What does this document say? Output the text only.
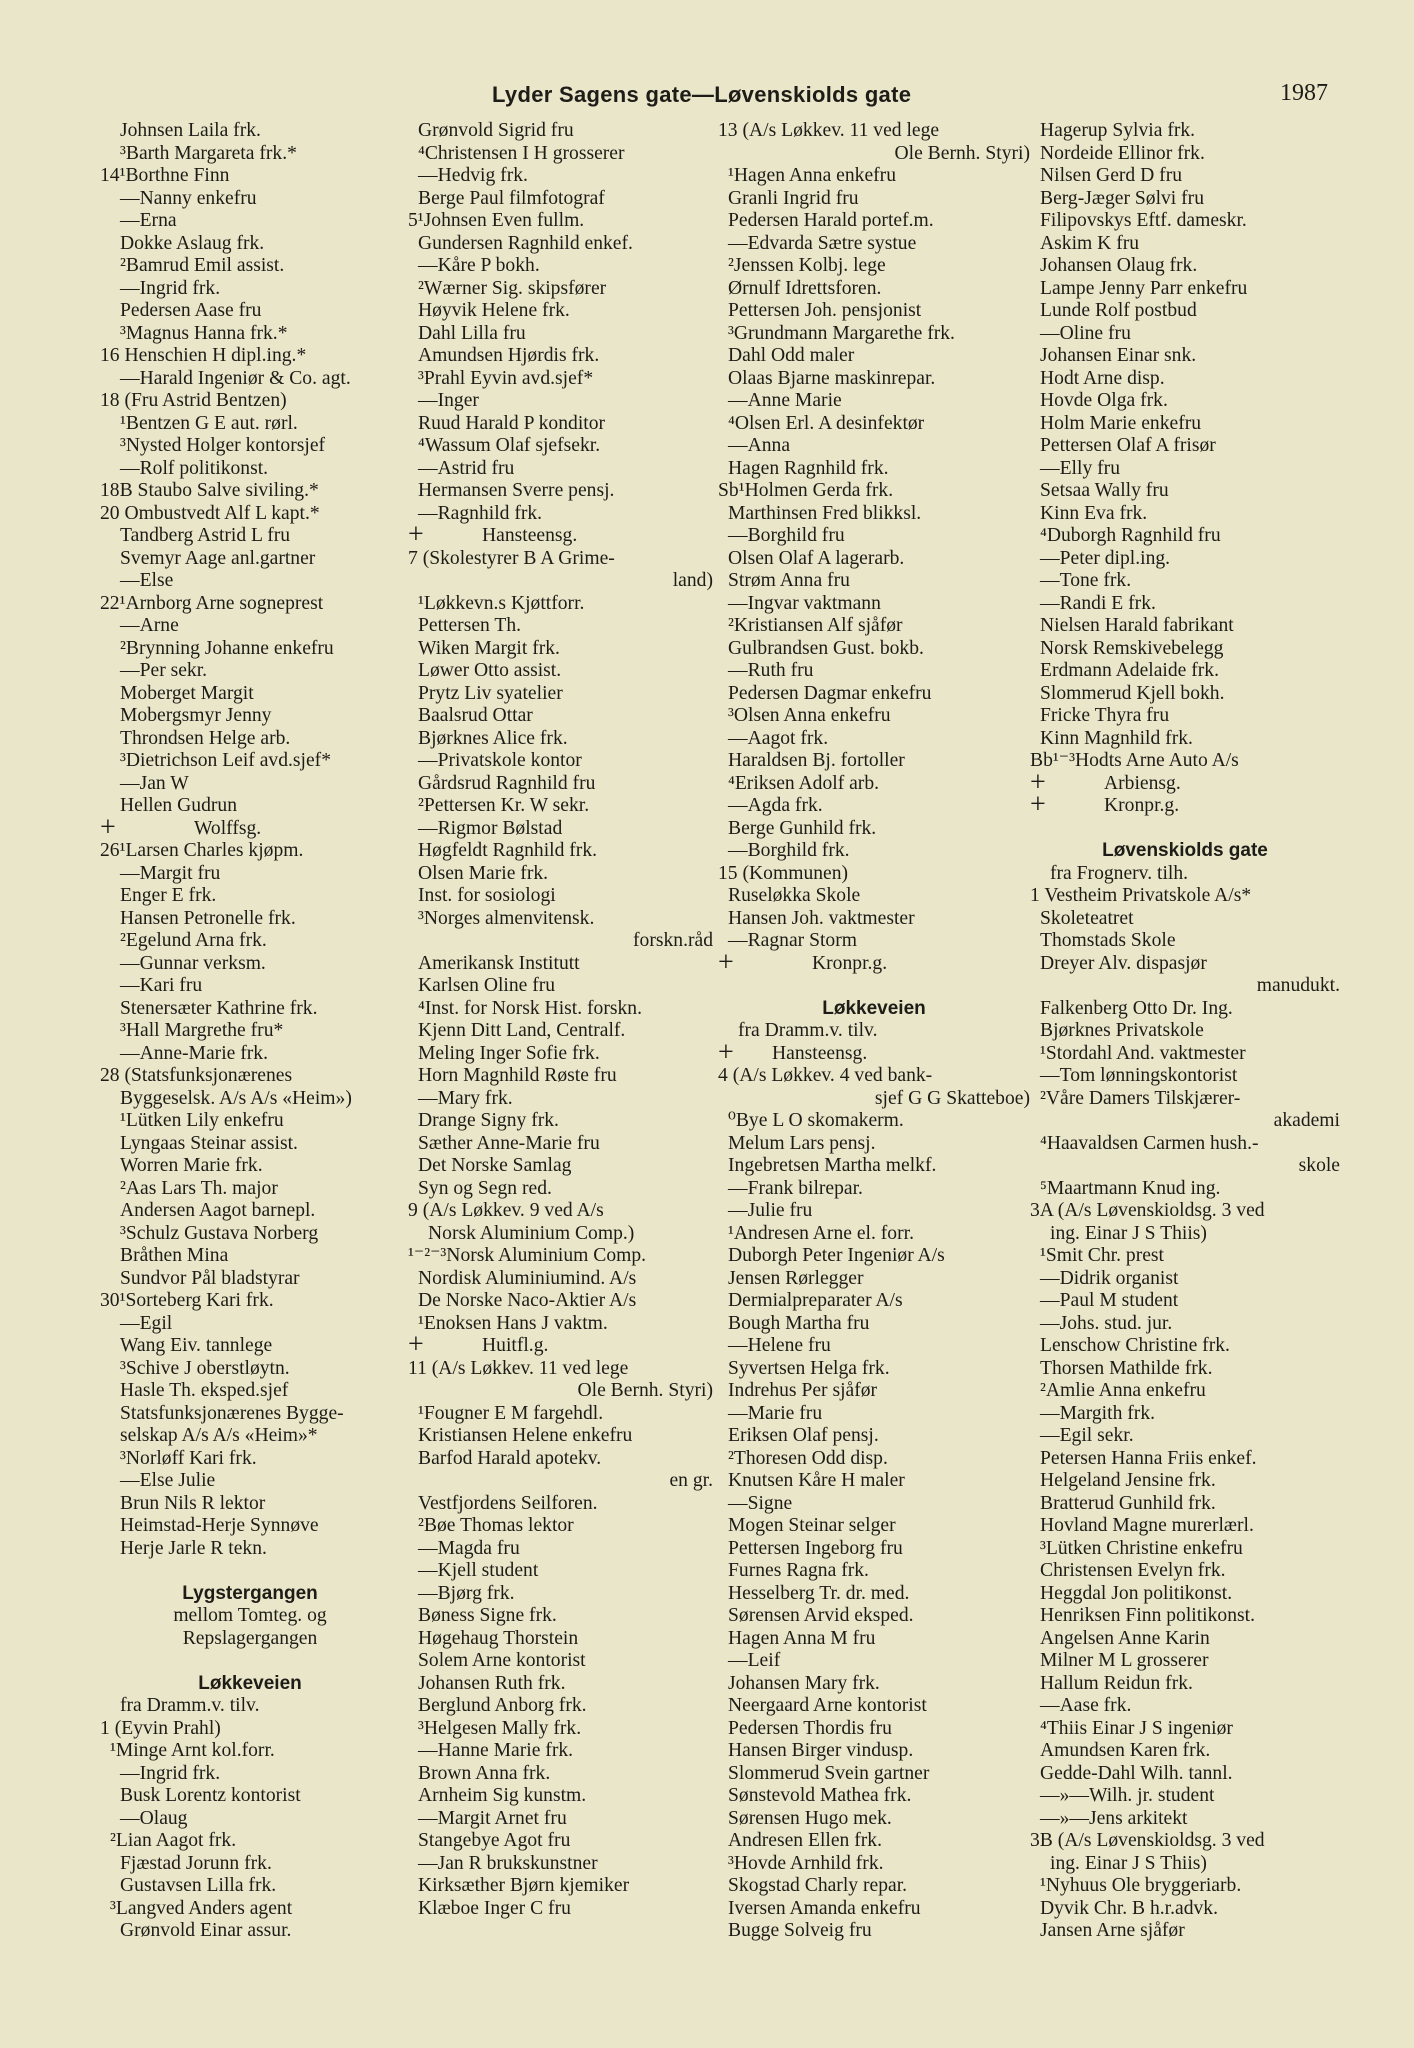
Lyder Sagens gate—Løvenskiolds gate	1987
Johnsen Laila frk.
³Barth Margareta frk.*
14¹Borthne Finn
—Nanny enkefru
—Erna
Dokke Aslaug frk.
²Bamrud Emil assist.
—Ingrid frk.
Pedersen Aase fru
³Magnus Hanna frk.*
16 Henschien H dipl.ing.*
—Harald Ingeniør & Co. agt.
18 (Fru Astrid Bentzen)
¹Bentzen G E aut. rørl.
³Nysted Holger kontorsjef
—Rolf politikonst.
18B Staubo Salve siviling.*
20 Ombustvedt Alf L kapt.*
Tandberg Astrid L fru
Svemyr Aage anl.gartner
—Else
22¹Arnborg Arne sogneprest
—Arne
²Brynning Johanne enkefru
—Per sekr.
Moberget Margit
Mobergsmyr Jenny
Throndsen Helge arb.
³Dietrichson Leif avd.sjef*
—Jan W
Hellen Gudrun
+	Wolffsg.
26¹Larsen Charles kjøpm.
—Margit fru
Enger E frk.
Hansen Petronelle frk.
²Egelund Arna frk.
—Gunnar verksm.
—Kari fru
Stenersæter Kathrine frk.
³Hall Margrethe fru*
—Anne-Marie frk.
28 (Statsfunksjonærenes
Byggeselsk. A/s A/s «Heim»)
¹Lütken Lily enkefru
Lyngaas Steinar assist.
Worren Marie frk.
²Aas Lars Th. major
Andersen Aagot barnepl.
³Schulz Gustava Norberg
Bråthen Mina
Sundvor Pål bladstyrar
30¹Sorteberg Kari frk.
—Egil
Wang Eiv. tannlege
³Schive J oberstløytn.
Hasle Th. eksped.sjef
Statsfunksjonærenes Bygge-
selskap A/s A/s «Heim»*
³Norløff Kari frk.
—Else Julie
Brun Nils R lektor
Heimstad-Herje Synnøve
Herje Jarle R tekn.
Lygstergangen
mellom Tomteg. og
Repslagergangen
Løkkeveien
fra Dramm.v. tilv.
1 (Eyvin Prahl)
¹Minge Arnt kol.forr.
—Ingrid frk.
Busk Lorentz kontorist
—Olaug
²Lian Aagot frk.
Fjæstad Jorunn frk.
Gustavsen Lilla frk.
³Langved Anders agent
Grønvold Einar assur.
Grønvold Sigrid fru
⁴Christensen I H grosserer
—Hedvig frk.
Berge Paul filmfotograf
5¹Johnsen Even fullm.
Gundersen Ragnhild enkef.
—Kåre P bokh.
²Wærner Sig. skipsfører
Høyvik Helene frk.
Dahl Lilla fru
Amundsen Hjørdis frk.
³Prahl Eyvin avd.sjef*
—Inger
Ruud Harald P konditor
⁴Wassum Olaf sjefsekr.
—Astrid fru
Hermansen Sverre pensj.
—Ragnhild frk.
+	Hansteensg.
7 (Skolestyrer B A Grime-
land)
¹Løkkevn.s Kjøttforr.
Pettersen Th.
Wiken Margit frk.
Løwer Otto assist.
Prytz Liv syatelier
Baalsrud Ottar
Bjørknes Alice frk.
—Privatskole kontor
Gårdsrud Ragnhild fru
²Pettersen Kr. W sekr.
—Rigmor Bølstad
Høgfeldt Ragnhild frk.
Olsen Marie frk.
Inst. for sosiologi
³Norges almenvitensk.
forskn.råd
Amerikansk Institutt
Karlsen Oline fru
⁴Inst. for Norsk Hist. forskn.
Kjenn Ditt Land, Centralf.
Meling Inger Sofie frk.
Horn Magnhild Røste fru
—Mary frk.
Drange Signy frk.
Sæther Anne-Marie fru
Det Norske Samlag
Syn og Segn red.
9 (A/s Løkkev. 9 ved A/s
Norsk Aluminium Comp.)
¹⁻²⁻³Norsk Aluminium Comp.
Nordisk Aluminiumind. A/s
De Norske Naco-Aktier A/s
¹Enoksen Hans J vaktm.
+	Huitfl.g.
11 (A/s Løkkev. 11 ved lege
Ole Bernh. Styri)
¹Fougner E M fargehdl.
Kristiansen Helene enkefru
Barfod Harald apotekv.
en gr.
Vestfjordens Seilforen.
²Bøe Thomas lektor
—Magda fru
—Kjell student
—Bjørg frk.
Bøness Signe frk.
Høgehaug Thorstein
Solem Arne kontorist
Johansen Ruth frk.
Berglund Anborg frk.
³Helgesen Mally frk.
—Hanne Marie frk.
Brown Anna frk.
Arnheim Sig kunstm.
—Margit Arnet fru
Stangebye Agot fru
—Jan R brukskunstner
Kirksæther Bjørn kjemiker
Klæboe Inger C fru
13 (A/s Løkkev. 11 ved lege
Ole Bernh. Styri)
¹Hagen Anna enkefru
Granli Ingrid fru
Pedersen Harald portef.m.
—Edvarda Sætre systue
²Jenssen Kolbj. lege
Ørnulf Idrettsforen.
Pettersen Joh. pensjonist
³Grundmann Margarethe frk.
Dahl Odd maler
Olaas Bjarne maskinrepar.
—Anne Marie
⁴Olsen Erl. A desinfektør
—Anna
Hagen Ragnhild frk.
Sb¹Holmen Gerda frk.
Marthinsen Fred blikksl.
—Borghild fru
Olsen Olaf A lagerarb.
Strøm Anna fru
—Ingvar vaktmann
²Kristiansen Alf sjåfør
Gulbrandsen Gust. bokb.
—Ruth fru
Pedersen Dagmar enkefru
³Olsen Anna enkefru
—Aagot frk.
Haraldsen Bj. fortoller
⁴Eriksen Adolf arb.
—Agda frk.
Berge Gunhild frk.
—Borghild frk.
15 (Kommunen)
Ruseløkka Skole
Hansen Joh. vaktmester
—Ragnar Storm
+	Kronpr.g.
Løkkeveien
fra Dramm.v. tilv.
+ Hansteensg.
4 (A/s Løkkev. 4 ved bank-
sjef G G Skatteboe)
⁰Bye L O skomakerm.
Melum Lars pensj.
Ingebretsen Martha melkf.
—Frank bilrepar.
—Julie fru
¹Andresen Arne el. forr.
Duborgh Peter Ingeniør A/s
Jensen Rørlegger
Dermialpreparater A/s
Bough Martha fru
—Helene fru
Syvertsen Helga frk.
Indrehus Per sjåfør
—Marie fru
Eriksen Olaf pensj.
²Thoresen Odd disp.
Knutsen Kåre H maler
—Signe
Mogen Steinar selger
Pettersen Ingeborg fru
Furnes Ragna frk.
Hesselberg Tr. dr. med.
Sørensen Arvid eksped.
Hagen Anna M fru
—Leif
Johansen Mary frk.
Neergaard Arne kontorist
Pedersen Thordis fru
Hansen Birger vindusp.
Slommerud Svein gartner
Sønstevold Mathea frk.
Sørensen Hugo mek.
Andresen Ellen frk.
³Hovde Arnhild frk.
Skogstad Charly repar.
Iversen Amanda enkefru
Bugge Solveig fru
Hagerup Sylvia frk.
Nordeide Ellinor frk.
Nilsen Gerd D fru
Berg-Jæger Sølvi fru
Filipovskys Eftf. dameskr.
Askim K fru
Johansen Olaug frk.
Lampe Jenny Parr enkefru
Lunde Rolf postbud
—Oline fru
Johansen Einar snk.
Hodt Arne disp.
Hovde Olga frk.
Holm Marie enkefru
Pettersen Olaf A frisør
—Elly fru
Setsaa Wally fru
Kinn Eva frk.
⁴Duborgh Ragnhild fru
—Peter dipl.ing.
—Tone frk.
—Randi E frk.
Nielsen Harald fabrikant
Norsk Remskivebelegg
Erdmann Adelaide frk.
Slommerud Kjell bokh.
Fricke Thyra fru
Kinn Magnhild frk.
Bb¹⁻³Hodts Arne Auto A/s
+	Arbiensg.
+	Kronpr.g.
Løvenskiolds gate
fra Frognerv. tilh.
1 Vestheim Privatskole A/s*
Skoleteatret
Thomstads Skole
Dreyer Alv. dispasjør
manudukt.
Falkenberg Otto Dr. Ing.
Bjørknes Privatskole
¹Stordahl And. vaktmester
—Tom lønningskontorist
²Våre Damers Tilskjærer-
akademi
⁴Haavaldsen Carmen hush.-
skole
⁵Maartmann Knud ing.
3A (A/s Løvenskioldsg. 3 ved
ing. Einar J S Thiis)
¹Smit Chr. prest
—Didrik organist
—Paul M student
—Johs. stud. jur.
Lenschow Christine frk.
Thorsen Mathilde frk.
²Amlie Anna enkefru
—Margith frk.
—Egil sekr.
Petersen Hanna Friis enkef.
Helgeland Jensine frk.
Bratterud Gunhild frk.
Hovland Magne murerlærl.
³Lütken Christine enkefru
Christensen Evelyn frk.
Heggdal Jon politikonst.
Henriksen Finn politikonst.
Angelsen Anne Karin
Milner M L grosserer
Hallum Reidun frk.
—Aase frk.
⁴Thiis Einar J S ingeniør
Amundsen Karen frk.
Gedde-Dahl Wilh. tannl.
—»—Wilh. jr. student
—»—Jens arkitekt
3B (A/s Løvenskioldsg. 3 ved
ing. Einar J S Thiis)
¹Nyhuus Ole bryggeriarb.
Dyvik Chr. B h.r.advk.
Jansen Arne sjåfør
